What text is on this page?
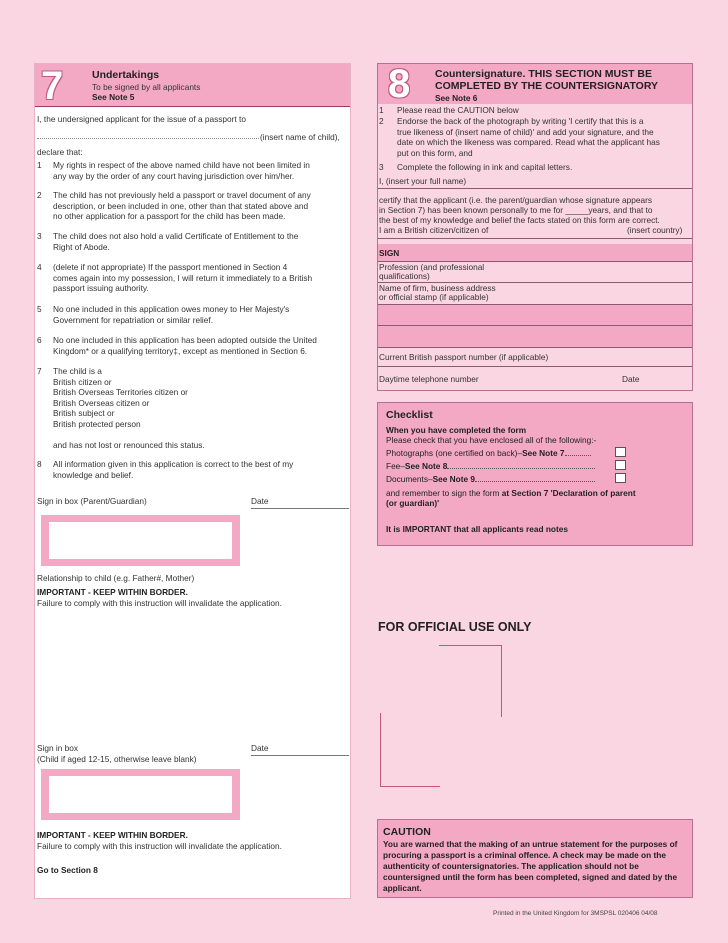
7	Undertakings
To be signed by all applicants
See Note 5
I, the undersigned applicant for the issue of a passport to
(insert name of child),
declare that:
1	My rights in respect of the above named child have not been limited in
any way by the order of any court having jurisdiction over him/her.
2	The child has not previously held a passport or travel document of any
description, or been included in one, other than that stated above and
no other application for a passport for the child has been made.
3	The child does not also hold a valid Certificate of Entitlement to the
Right of Abode.
4	(delete if not appropriate) If the passport mentioned in Section 4
comes again into my possession, I will return it immediately to a British
passport issuing authority.
5	No one included in this application owes money to Her Majesty's
Government for repatriation or similar relief.
6	No one included in this application has been adopted outside the United
Kingdom* or a qualifying territory‡, except as mentioned in Section 6.
7	The child is a
British citizen or
British Overseas Territories citizen or
British Overseas citizen or
British subject or
British protected person
and has not lost or renounced this status.
8	All information given in this application is correct to the best of my
knowledge and belief.
Sign in box (Parent/Guardian)	Date
Relationship to child (e.g. Father#, Mother)
IMPORTANT - KEEP WITHIN BORDER.
Failure to comply with this instruction will invalidate the application.
Sign in box	Date
(Child if aged 12-15, otherwise leave blank)
IMPORTANT - KEEP WITHIN BORDER.
Failure to comply with this instruction will invalidate the application.
Go to Section 8
8 Countersignature. THIS SECTION MUST BE COMPLETED BY THE COUNTERSIGNATORY
See Note 6
1 Please read the CAUTION below
2 Endorse the back of the photograph by writing 'I certify that this is a
true likeness of (insert name of child)' and add your signature, and the
date on which the likeness was compared. Read what the applicant has
put on this form, and
3 Complete the following in ink and capital letters.
I, (insert your full name)
certify that the applicant (i.e. the parent/guardian whose signature appears
in Section 7) has been known personally to me for _____years, and that to
the best of my knowledge and belief the facts stated on this form are correct.
I am a British citizen/citizen of	(insert country)
SIGN
Profession (and professional
qualifications)
Name of firm, business address
or official stamp (if applicable)
Current British passport number (if applicable)
Daytime telephone number	Date
Checklist
When you have completed the form
Please check that you have enclosed all of the following:-
Photographs (one certified on back)–See Note 7
Fee–See Note 8
Documents–See Note 9
and remember to sign the form at Section 7 'Declaration of parent
(or guardian)'
It is IMPORTANT that all applicants read notes
FOR OFFICIAL USE ONLY
CAUTION
You are warned that the making of an untrue statement for the purposes of procuring a passport is a criminal offence. A check may be made on the authenticity of countersignatories. The application should not be countersigned until the form has been completed, signed and dated by the applicant.
Printed in the United Kingdom for 3MSPSL 020406 04/08
